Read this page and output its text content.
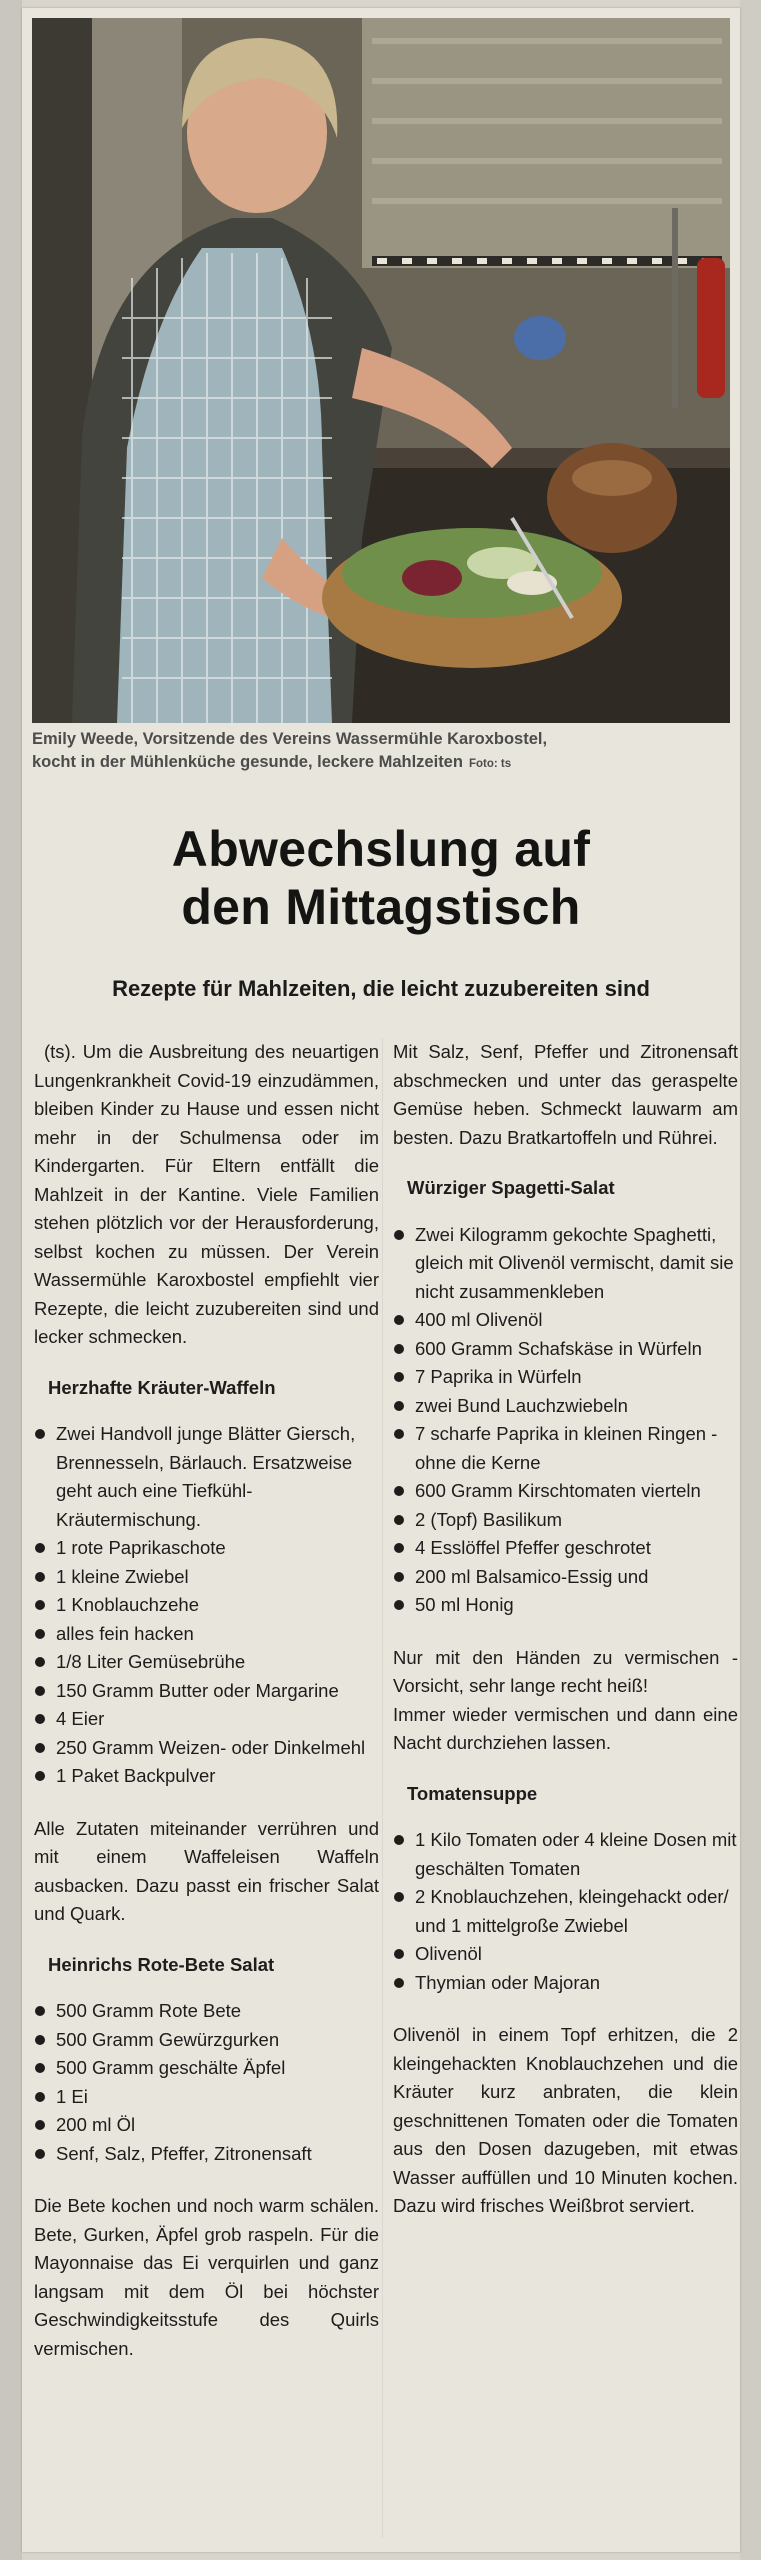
Emily Weede, Vorsitzende des Vereins Wassermühle Karoxbostel,
kocht in der Mühlenküche gesunde, leckere Mahlzeiten Foto: ts
Abwechslung auf
den Mittagstisch
Rezepte für Mahlzeiten, die leicht zuzubereiten sind
(ts). Um die Ausbreitung des neuartigen Lungenkrankheit Covid-19 einzudämmen, bleiben Kinder zu Hause und essen nicht mehr in der Schulmensa oder im Kindergarten. Für Eltern entfällt die Mahlzeit in der Kantine. Viele Familien stehen plötzlich vor der Herausforderung, selbst kochen zu müssen. Der Verein Wassermühle Karoxbostel empfiehlt vier Rezepte, die leicht zuzubereiten sind und lecker schmecken.
Herzhafte Kräuter-Waffeln
Zwei Handvoll junge Blätter Giersch, Brennesseln, Bärlauch. Ersatzweise geht auch eine Tiefkühl-Kräutermischung.
1 rote Paprikaschote
1 kleine Zwiebel
1 Knoblauchzehe
alles fein hacken
1/8 Liter Gemüsebrühe
150 Gramm Butter oder Margarine
4 Eier
250 Gramm Weizen- oder Dinkelmehl
1 Paket Backpulver
Alle Zutaten miteinander verrühren und mit einem Waffeleisen Waffeln ausbacken. Dazu passt ein frischer Salat und Quark.
Heinrichs Rote-Bete Salat
500 Gramm Rote Bete
500 Gramm Gewürzgurken
500 Gramm geschälte Äpfel
1 Ei
200 ml Öl
Senf, Salz, Pfeffer, Zitronensaft
Die Bete kochen und noch warm schälen. Bete, Gurken, Äpfel grob raspeln. Für die Mayonnaise das Ei verquirlen und ganz langsam mit dem Öl bei höchster Geschwindigkeitsstufe des Quirls vermischen.
Mit Salz, Senf, Pfeffer und Zitronensaft abschmecken und unter das geraspelte Gemüse heben. Schmeckt lauwarm am besten. Dazu Bratkartoffeln und Rührei.
Würziger Spagetti-Salat
Zwei Kilogramm gekochte Spaghetti, gleich mit Olivenöl vermischt, damit sie nicht zusammenkleben
400 ml Olivenöl
600 Gramm Schafskäse in Würfeln
7 Paprika in Würfeln
zwei Bund Lauchzwiebeln
7 scharfe Paprika in kleinen Ringen - ohne die Kerne
600 Gramm Kirschtomaten vierteln
2 (Topf) Basilikum
4 Esslöffel Pfeffer geschrotet
200 ml Balsamico-Essig und
50 ml Honig
Nur mit den Händen zu vermischen - Vorsicht, sehr lange recht heiß!
Immer wieder vermischen und dann eine Nacht durchziehen lassen.
Tomatensuppe
1 Kilo Tomaten oder 4 kleine Dosen mit geschälten Tomaten
2 Knoblauchzehen, kleingehackt oder/ und 1 mittelgroße Zwiebel
Olivenöl
Thymian oder Majoran
Olivenöl in einem Topf erhitzen, die 2 kleingehackten Knoblauchzehen und die Kräuter kurz anbraten, die klein geschnittenen Tomaten oder die Tomaten aus den Dosen dazugeben, mit etwas Wasser auffüllen und 10 Minuten kochen. Dazu wird frisches Weißbrot serviert.
